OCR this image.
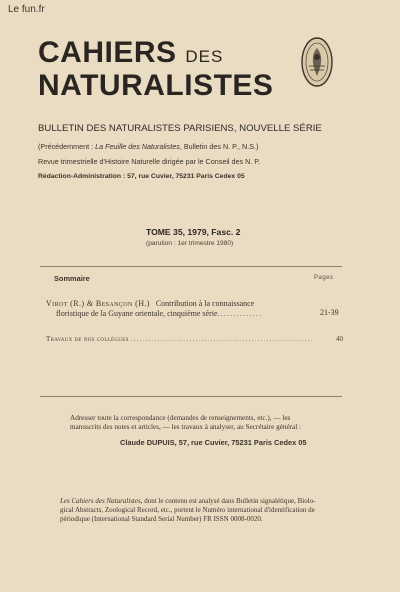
Le fun.fr
CAHIERS DES
NATURALISTES
BULLETIN DES NATURALISTES PARISIENS, NOUVELLE SÉRIE
(Précédemment : La Feuille des Naturalistes, Bulletin des N. P., N.S.)
Revue trimestrielle d'Histoire Naturelle dirigée par le Conseil des N. P.
Rédaction-Administration : 57, rue Cuvier, 75231 Paris Cedex 05
TOME 35, 1979, Fasc. 2
(parution : 1er trimestre 1980)
Sommaire	Pages
Virot (R.) & Besançon (H.) Contribution à la connaissance
floristique de la Guyane orientale, cinquième série..............	21-39
Travaux de nos collègues ..............................................................	40
Adresser toute la correspondance (demandes de renseignements, etc.), — les
manuscrits des notes et articles, — les travaux à analyser, au Secrétaire général :
Claude DUPUIS, 57, rue Cuvier, 75231 Paris Cedex 05
Les Cahiers des Naturalistes, dont le contenu est analysé dans Bulletin signalétique, Biolo-
gical Abstracts, Zoological Record, etc., portent le Numéro international d'identification de
périodique (International Standard Serial Number) FR ISSN 0008-0020.
